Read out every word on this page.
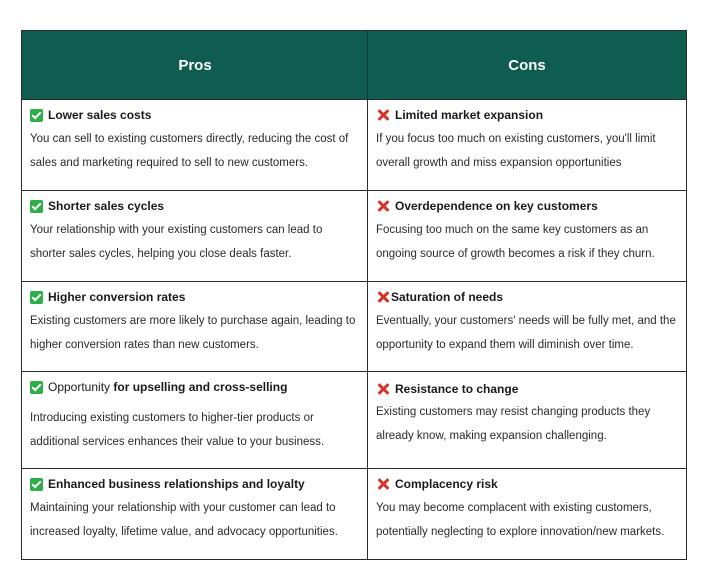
Pros	Cons
Lower sales costs
You can sell to existing customers directly, reducing the cost of sales and marketing required to sell to new customers.
Limited market expansion
If you focus too much on existing customers, you'll limit overall growth and miss expansion opportunities
Shorter sales cycles
Your relationship with your existing customers can lead to shorter sales cycles, helping you close deals faster.
Overdependence on key customers
Focusing too much on the same key customers as an ongoing source of growth becomes a risk if they churn.
Higher conversion rates
Existing customers are more likely to purchase again, leading to higher conversion rates than new customers.
Saturation of needs
Eventually, your customers' needs will be fully met, and the opportunity to expand them will diminish over time.
Opportunity for upselling and cross-selling
Introducing existing customers to higher-tier products or additional services enhances their value to your business.
Resistance to change
Existing customers may resist changing products they already know, making expansion challenging.
Enhanced business relationships and loyalty
Maintaining your relationship with your customer can lead to increased loyalty, lifetime value, and advocacy opportunities.
Complacency risk
You may become complacent with existing customers, potentially neglecting to explore innovation/new markets.
